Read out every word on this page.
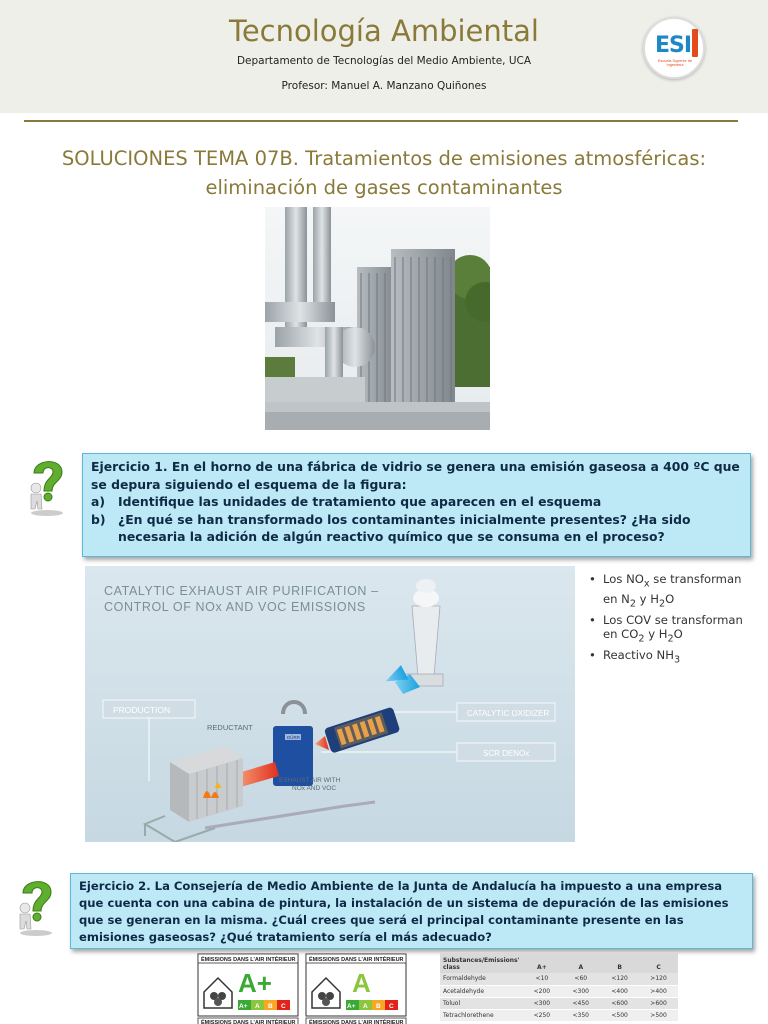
Tecnología Ambiental
Departamento de Tecnologías del Medio Ambiente, UCA
Profesor: Manuel A. Manzano Quiñones
ESI
Escuela Superior de Ingeniería
SOLUCIONES TEMA 07B. Tratamientos de emisiones atmosféricas:
eliminación de gases contaminantes
Ejercicio 1. En el horno de una fábrica de vidrio se genera una emisión gaseosa a 400 ºC que se depura siguiendo el esquema de la figura:
a)	Identifique las unidades de tratamiento que aparecen en el esquema
b)	¿En qué se han transformado los contaminantes inicialmente presentes? ¿Ha sido necesaria la adición de algún reactivo químico que se consuma en el proceso?
CATALYTIC EXHAUST AIR PURIFICATION –
CONTROL OF NOx AND VOC EMISSIONS
PRODUCTION
REDUCTANT
CATALYTIC OXIDIZER
SCR DENOx
DÜRR
EXHAUST AIR WITH
NOx AND VOC
• Los $NO_x$ se transforman en $N_2$ y $H_2O$
• Los COV se transforman en $CO_2$ y $H_2O$
• Reactivo $NH_3$
Ejercicio 2. La Consejería de Medio Ambiente de la Junta de Andalucía ha impuesto a una empresa que cuenta con una cabina de pintura, la instalación de un sistema de depuración de las emisiones que se generan en la misma. ¿Cuál crees que será el principal contaminante presente en las emisiones gaseosas? ¿Qué tratamiento sería el más adecuado?
ÉMISSIONS DANS L'AIR INTÉRIEUR
A+
A+ A B C
ÉMISSIONS DANS L'AIR INTÉRIEUR
A
A+ A B C
ÉMISSIONS DANS L'AIR INTÉRIEUR ÉMISSIONS DANS L'AIR INTÉRIEUR
Substances/Emissions' class	A+	A	B	C
Formaldehyde	<10	<60	<120	>120
Acetaldehyde	<200	<300	<400	>400
Toluol	<300	<450	<600	>600
Tetrachlorethene	<250	<350	<500	>500
